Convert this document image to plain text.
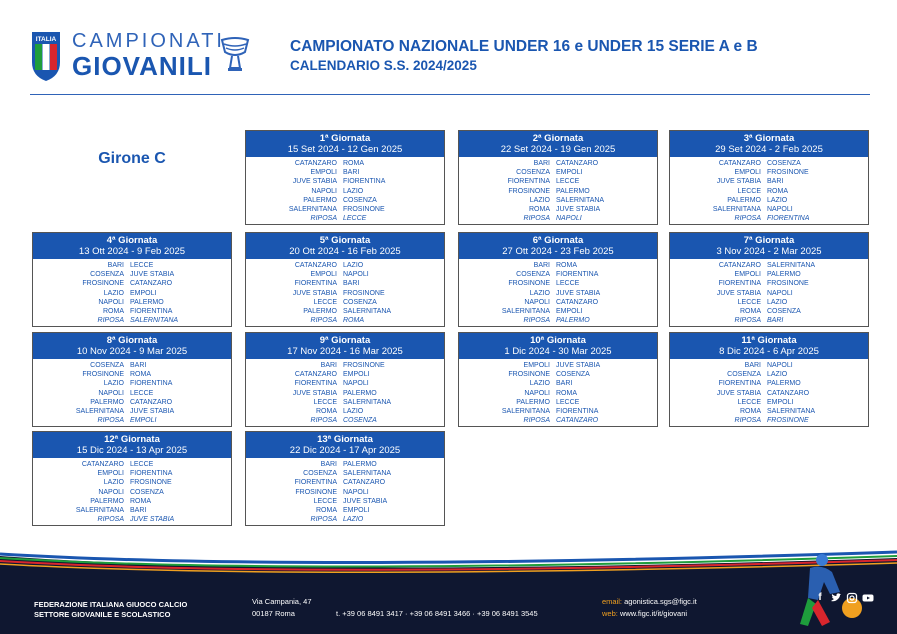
ITALIA CAMPIONATI
GIOVANILI
CAMPIONATO NAZIONALE UNDER 16 e UNDER 15 SERIE A e B
CALENDARIO S.S. 2024/2025
Girone C
1ª Giornata
15 Set 2024 - 12 Gen 2025
CATANZARO ROMA
EMPOLI BARI
JUVE STABIA FIORENTINA
NAPOLI LAZIO
PALERMO COSENZA
SALERNITANA FROSINONE
RIPOSA LECCE
2ª Giornata
22 Set 2024 - 19 Gen 2025
BARI CATANZARO
COSENZA EMPOLI
FIORENTINA LECCE
FROSINONE PALERMO
LAZIO SALERNITANA
ROMA JUVE STABIA
RIPOSA NAPOLI
3ª Giornata
29 Set 2024 - 2 Feb 2025
CATANZARO COSENZA
EMPOLI FROSINONE
JUVE STABIA BARI
LECCE ROMA
PALERMO LAZIO
SALERNITANA NAPOLI
RIPOSA FIORENTINA
4ª Giornata
13 Ott 2024 - 9 Feb 2025
BARI LECCE
COSENZA JUVE STABIA
FROSINONE CATANZARO
LAZIO EMPOLI
NAPOLI PALERMO
ROMA FIORENTINA
RIPOSA SALERNITANA
5ª Giornata
20 Ott 2024 - 16 Feb 2025
CATANZARO LAZIO
EMPOLI NAPOLI
FIORENTINA BARI
JUVE STABIA FROSINONE
LECCE COSENZA
PALERMO SALERNITANA
RIPOSA ROMA
6ª Giornata
27 Ott 2024 - 23 Feb 2025
BARI ROMA
COSENZA FIORENTINA
FROSINONE LECCE
LAZIO JUVE STABIA
NAPOLI CATANZARO
SALERNITANA EMPOLI
RIPOSA PALERMO
7ª Giornata
3 Nov 2024 - 2 Mar 2025
CATANZARO SALERNITANA
EMPOLI PALERMO
FIORENTINA FROSINONE
JUVE STABIA NAPOLI
LECCE LAZIO
ROMA COSENZA
RIPOSA BARI
8ª Giornata
10 Nov 2024 - 9 Mar 2025
COSENZA BARI
FROSINONE ROMA
LAZIO FIORENTINA
NAPOLI LECCE
PALERMO CATANZARO
SALERNITANA JUVE STABIA
RIPOSA EMPOLI
9ª Giornata
17 Nov 2024 - 16 Mar 2025
BARI FROSINONE
CATANZARO EMPOLI
FIORENTINA NAPOLI
JUVE STABIA PALERMO
LECCE SALERNITANA
ROMA LAZIO
RIPOSA COSENZA
10ª Giornata
1 Dic 2024 - 30 Mar 2025
EMPOLI JUVE STABIA
FROSINONE COSENZA
LAZIO BARI
NAPOLI ROMA
PALERMO LECCE
SALERNITANA FIORENTINA
RIPOSA CATANZARO
11ª Giornata
8 Dic 2024 - 6 Apr 2025
BARI NAPOLI
COSENZA LAZIO
FIORENTINA PALERMO
JUVE STABIA CATANZARO
LECCE EMPOLI
ROMA SALERNITANA
RIPOSA FROSINONE
12ª Giornata
15 Dic 2024 - 13 Apr 2025
CATANZARO LECCE
EMPOLI FIORENTINA
LAZIO FROSINONE
NAPOLI COSENZA
PALERMO ROMA
SALERNITANA BARI
RIPOSA JUVE STABIA
13ª Giornata
22 Dic 2024 - 17 Apr 2025
BARI PALERMO
COSENZA SALERNITANA
FIORENTINA CATANZARO
FROSINONE NAPOLI
LECCE JUVE STABIA
ROMA EMPOLI
RIPOSA LAZIO
FEDERAZIONE ITALIANA GIUOCO CALCIO
SETTORE GIOVANILE E SCOLASTICO
Via Campania, 47
00187 Roma	t. +39 06 8491 3417 · +39 06 8491 3466 · +39 06 8491 3545
email: agonistica.sgs@figc.it
web: www.figc.it/it/giovani
f
